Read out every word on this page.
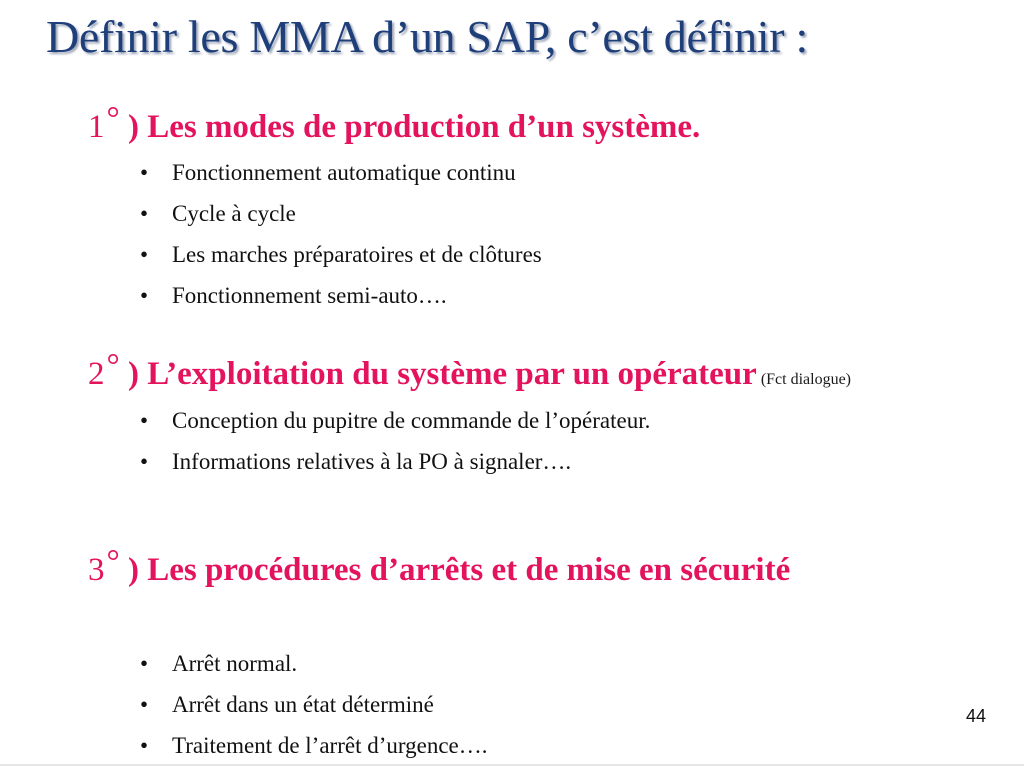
Définir les MMA d’un SAP, c’est définir :
1° ) Les modes de production d’un système.
• Fonctionnement automatique continu
• Cycle à cycle
• Les marches préparatoires et de clôtures
• Fonctionnement semi-auto….
2° ) L’exploitation du système par un opérateur (Fct dialogue)
• Conception du pupitre de commande de l’opérateur.
• Informations relatives à la PO à signaler….
3° ) Les procédures d’arrêts et de mise en sécurité
• Arrêt normal.
• Arrêt dans un état déterminé
• Traitement de l’arrêt d’urgence….
44
